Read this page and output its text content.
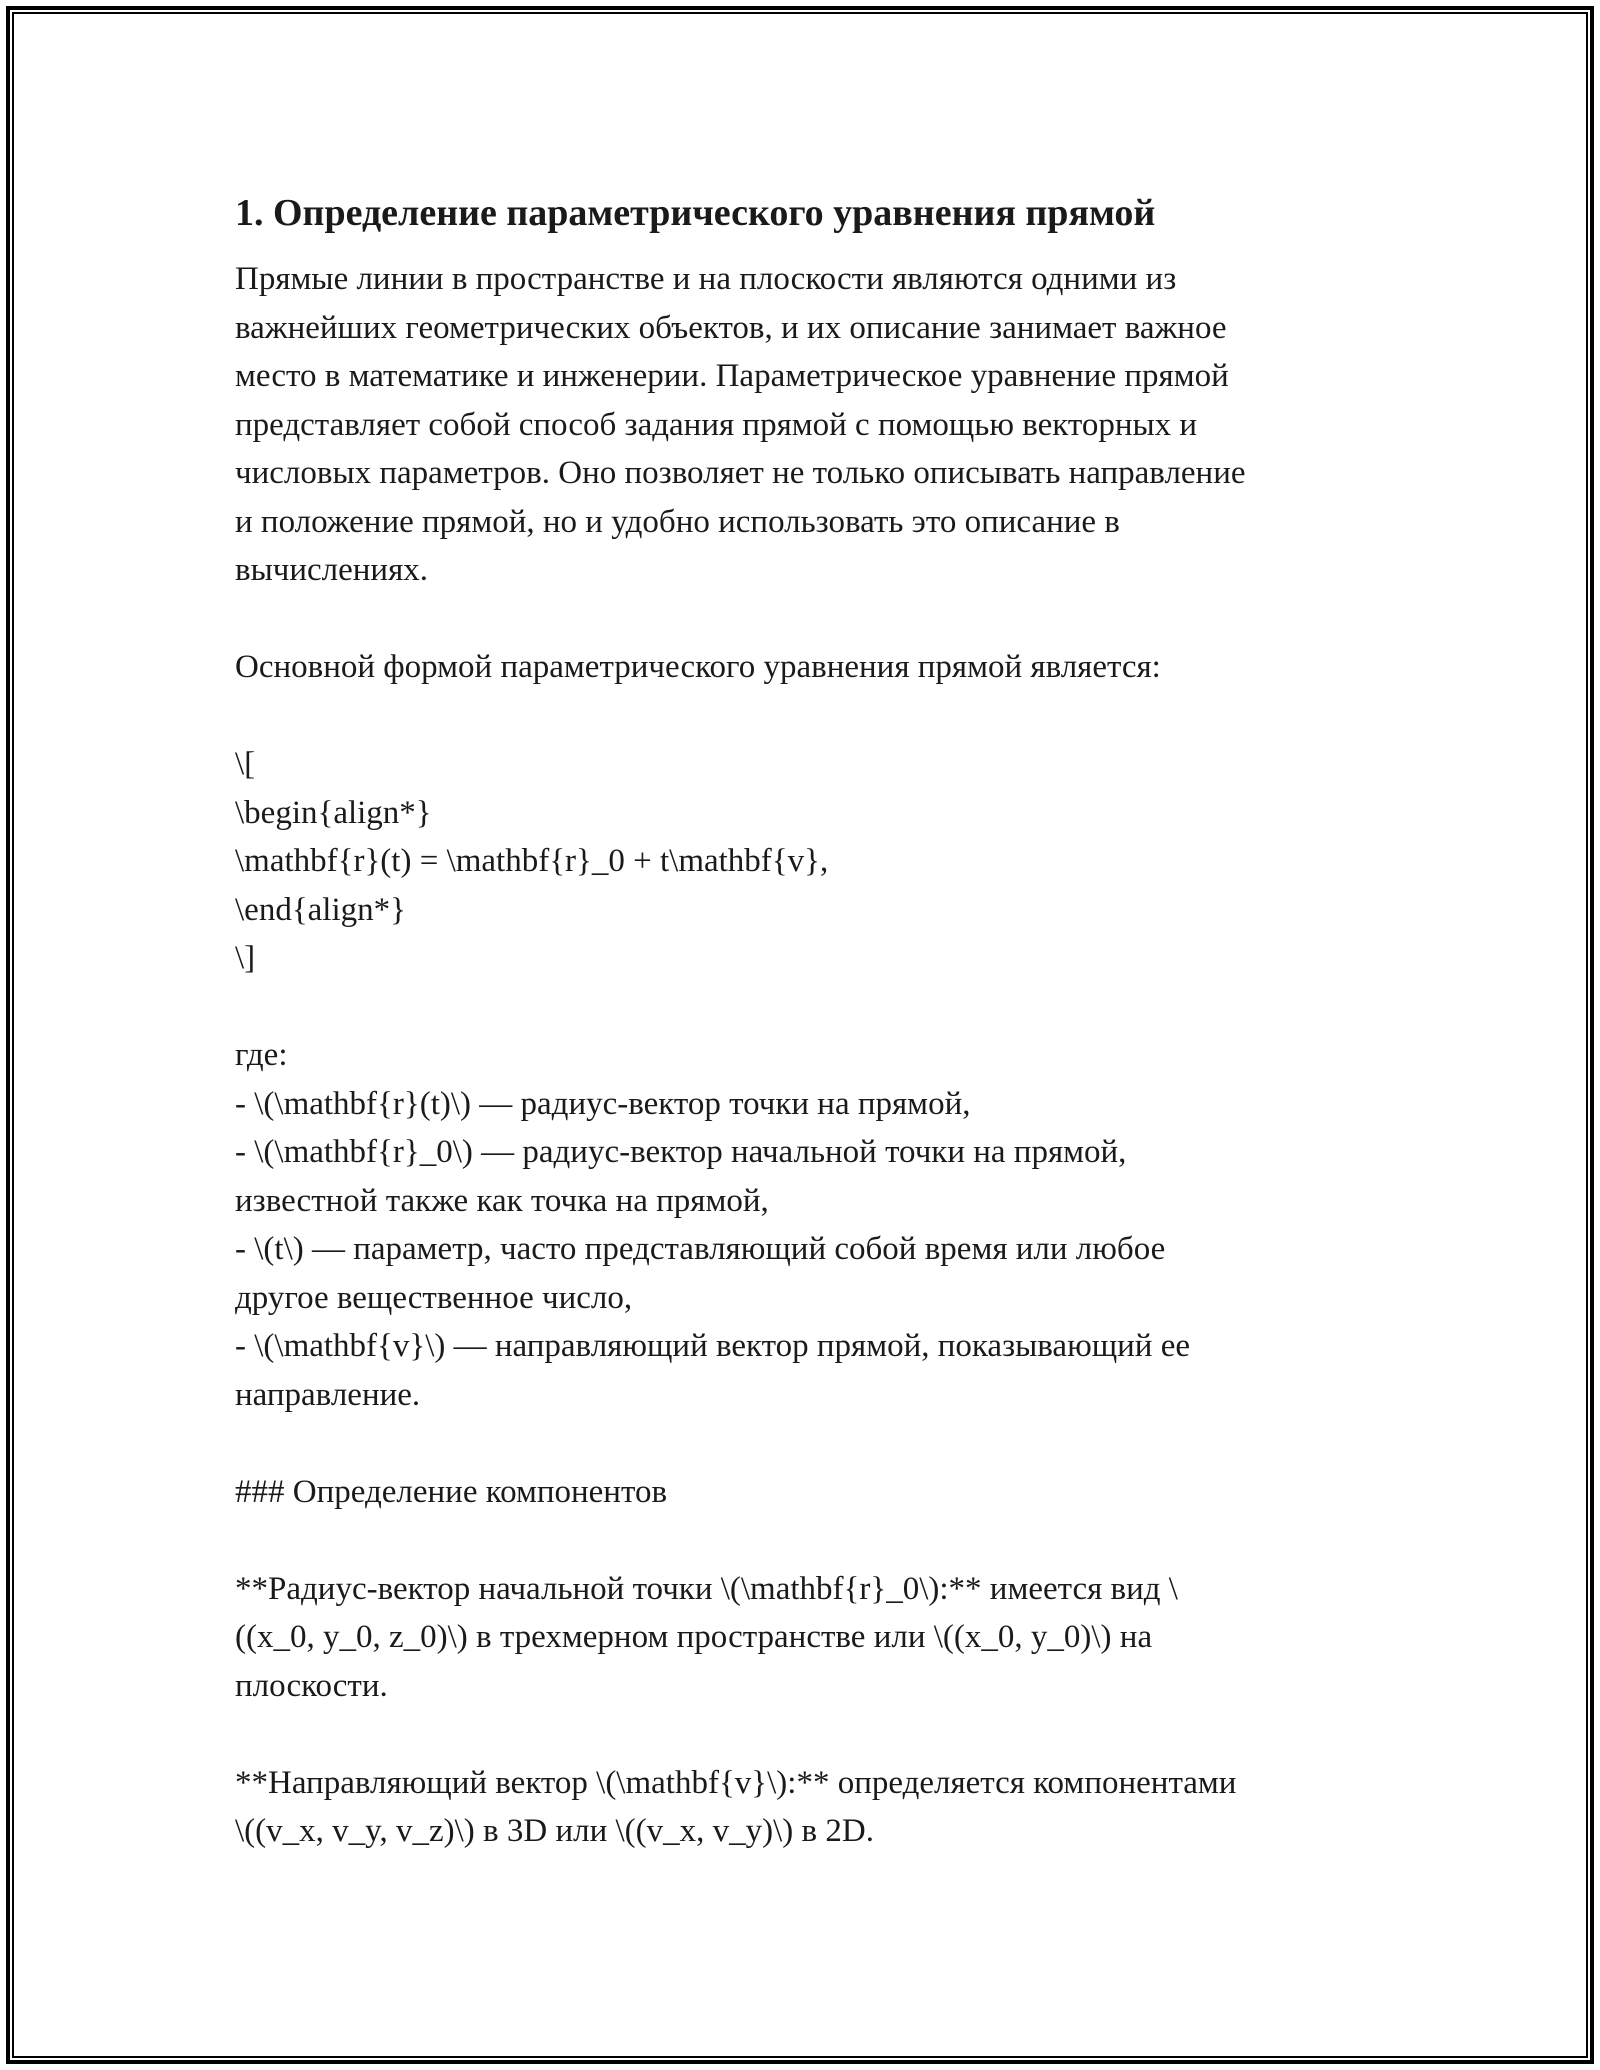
1. Определение параметрического уравнения прямой

Прямые линии в пространстве и на плоскости являются одними из
важнейших геометрических объектов, и их описание занимает важное
место в математике и инженерии. Параметрическое уравнение прямой
представляет собой способ задания прямой с помощью векторных и
числовых параметров. Оно позволяет не только описывать направление
и положение прямой, но и удобно использовать это описание в
вычислениях.

Основной формой параметрического уравнения прямой является:

\[
\begin{align*}
\mathbf{r}(t) = \mathbf{r}_0 + t\mathbf{v},
\end{align*}
\]

где:
- \(\mathbf{r}(t)\) — радиус-вектор точки на прямой,
- \(\mathbf{r}_0\) — радиус-вектор начальной точки на прямой,
известной также как точка на прямой,
- \(t\) — параметр, часто представляющий собой время или любое
другое вещественное число,
- \(\mathbf{v}\) — направляющий вектор прямой, показывающий ее
направление.

### Определение компонентов

**Радиус-вектор начальной точки \(\mathbf{r}_0\):** имеется вид \
((x_0, y_0, z_0)\) в трехмерном пространстве или \((x_0, y_0)\) на
плоскости.

**Направляющий вектор \(\mathbf{v}\):** определяется компонентами
\((v_x, v_y, v_z)\) в 3D или \((v_x, v_y)\) в 2D.
